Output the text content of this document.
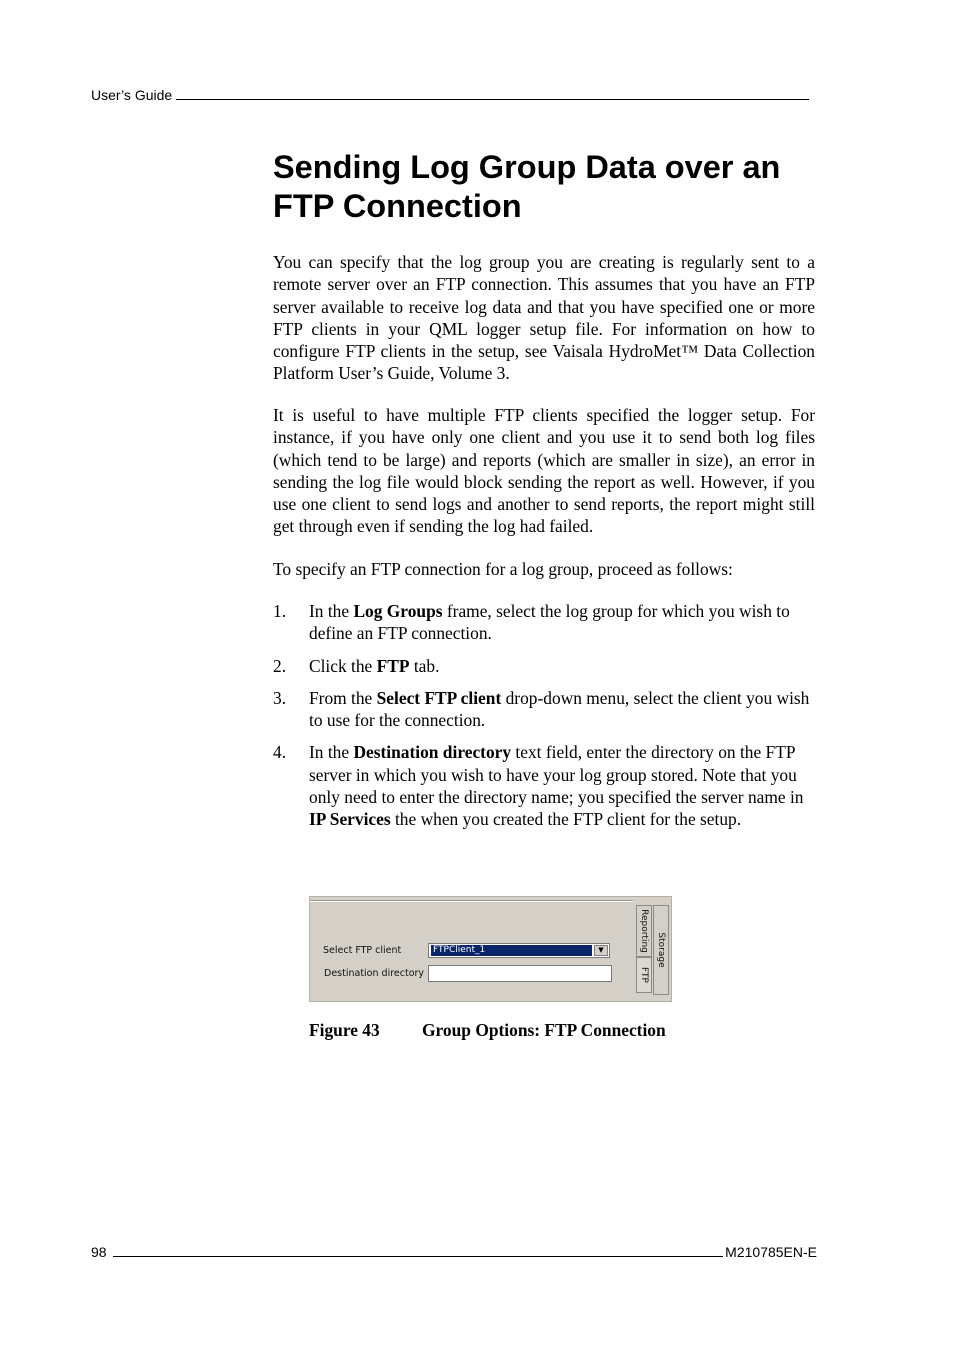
User’s Guide
Sending Log Group Data over an FTP Connection

You can specify that the log group you are creating is regularly sent to a remote server over an FTP connection. This assumes that you have an FTP server available to receive log data and that you have specified one or more FTP clients in your QML logger setup file. For information on how to configure FTP clients in the setup, see Vaisala HydroMet™ Data Collection Platform User’s Guide, Volume 3.

It is useful to have multiple FTP clients specified the logger setup. For instance, if you have only one client and you use it to send both log files (which tend to be large) and reports (which are smaller in size), an error in sending the log file would block sending the report as well. However, if you use one client to send logs and another to send reports, the report might still get through even if sending the log had failed.

To specify an FTP connection for a log group, proceed as follows:

1.	In the Log Groups frame, select the log group for which you wish to define an FTP connection.
2.	Click the FTP tab.
3.	From the Select FTP client drop-down menu, select the client you wish to use for the connection.
4.	In the Destination directory text field, enter the directory on the FTP server in which you wish to have your log group stored. Note that you only need to enter the directory name; you specified the server name in IP Services the when you created the FTP client for the setup.
Select FTP client	FTPClient_1	▼
Destination directory
Reporting
FTP
Storage
Figure 43 Group Options: FTP Connection
98	M210785EN-E
